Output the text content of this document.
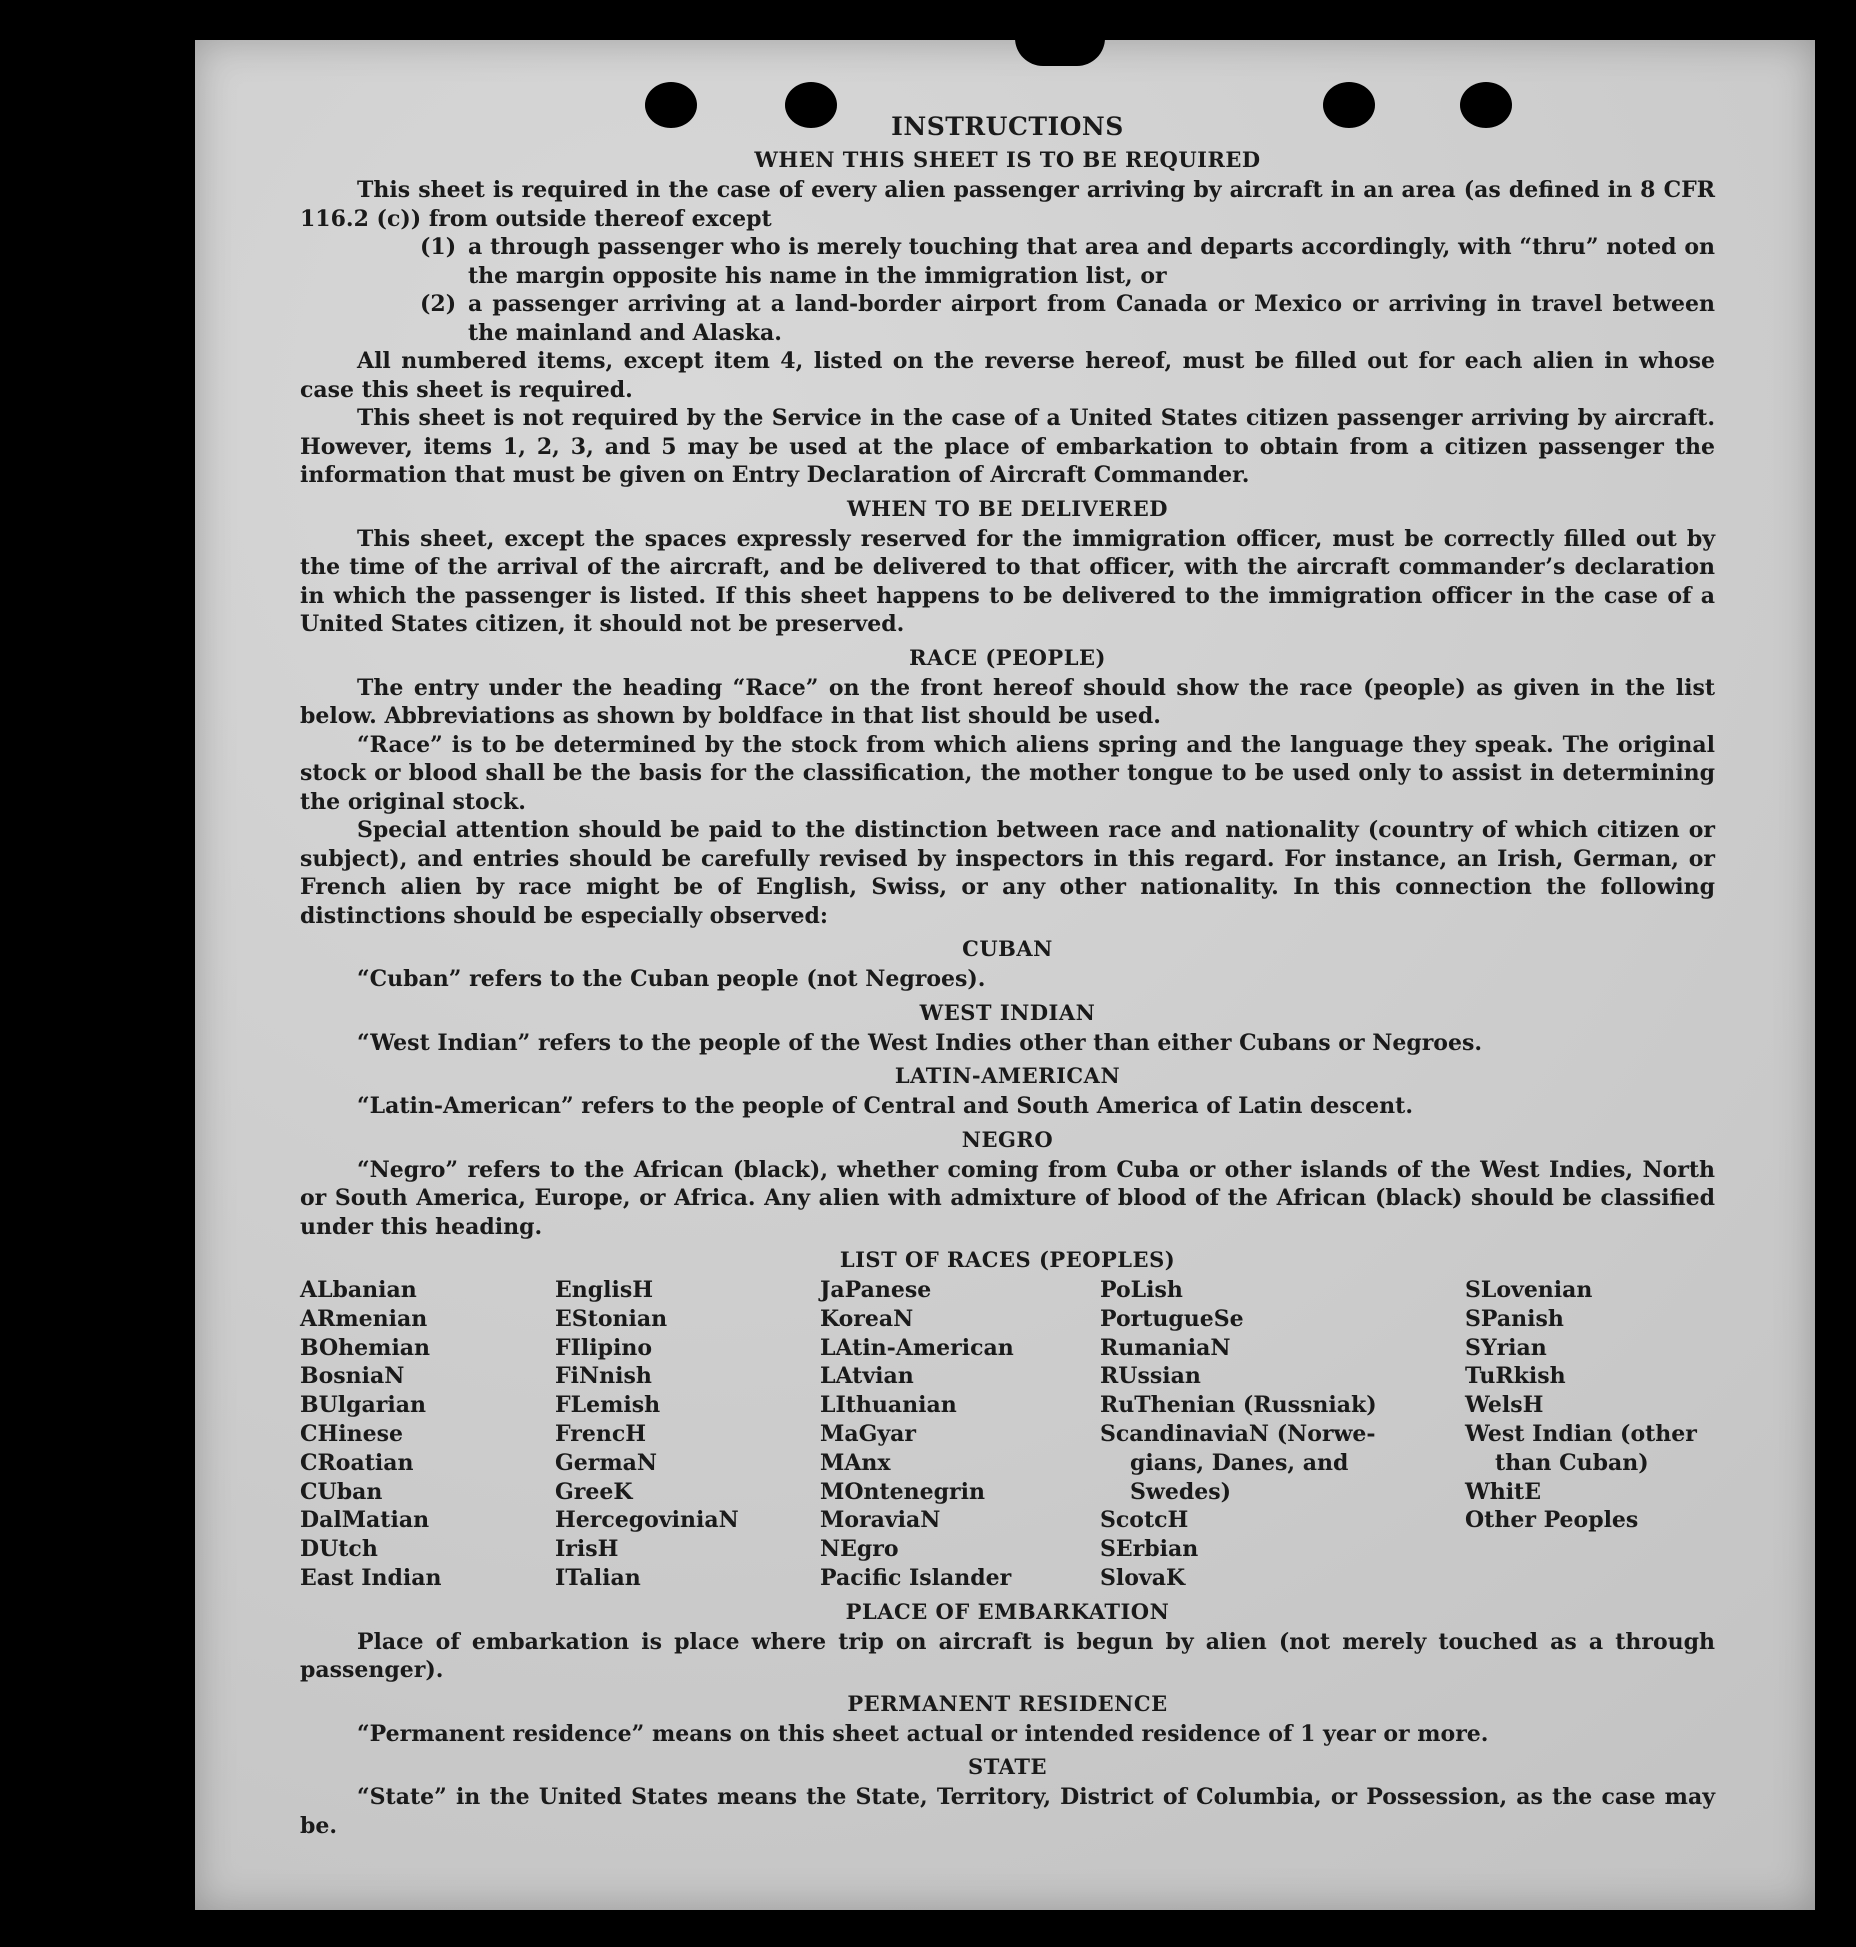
INSTRUCTIONS
WHEN THIS SHEET IS TO BE REQUIRED

This sheet is required in the case of every alien passenger arriving by aircraft in an area (as defined in 8 CFR 116.2 (c)) from outside thereof except

(1) a through passenger who is merely touching that area and departs accordingly, with “thru” noted on the margin opposite his name in the immigration list, or
(2) a passenger arriving at a land-border airport from Canada or Mexico or arriving in travel between the mainland and Alaska.

All numbered items, except item 4, listed on the reverse hereof, must be filled out for each alien in whose case this sheet is required.

This sheet is not required by the Service in the case of a United States citizen passenger arriving by aircraft. However, items 1, 2, 3, and 5 may be used at the place of embarkation to obtain from a citizen passenger the information that must be given on Entry Declaration of Aircraft Commander.

WHEN TO BE DELIVERED

This sheet, except the spaces expressly reserved for the immigration officer, must be correctly filled out by the time of the arrival of the aircraft, and be delivered to that officer, with the aircraft commander’s declaration in which the passenger is listed. If this sheet happens to be delivered to the immigration officer in the case of a United States citizen, it should not be preserved.

RACE (PEOPLE)

The entry under the heading “Race” on the front hereof should show the race (people) as given in the list below. Abbreviations as shown by boldface in that list should be used.

“Race” is to be determined by the stock from which aliens spring and the language they speak. The original stock or blood shall be the basis for the classification, the mother tongue to be used only to assist in determining the original stock.

Special attention should be paid to the distinction between race and nationality (country of which citizen or subject), and entries should be carefully revised by inspectors in this regard. For instance, an Irish, German, or French alien by race might be of English, Swiss, or any other nationality. In this connection the following distinctions should be especially observed:

CUBAN

“Cuban” refers to the Cuban people (not Negroes).

WEST INDIAN

“West Indian” refers to the people of the West Indies other than either Cubans or Negroes.

LATIN-AMERICAN

“Latin-American” refers to the people of Central and South America of Latin descent.

NEGRO

“Negro” refers to the African (black), whether coming from Cuba or other islands of the West Indies, North or South America, Europe, or Africa. Any alien with admixture of blood of the African (black) should be classified under this heading.

LIST OF RACES (PEOPLES)
ALbanian
ARmenian
BOhemian
BosniaN
BUlgarian
CHinese
CRoatian
CUban
DalMatian
DUtch
East Indian
EnglisH
EStonian
FIlipino
FiNnish
FLemish
FrencH
GermaN
GreeK
HercegoviniaN
IrisH
ITalian
JaPanese
KoreaN
LAtin-American
LAtvian
LIthuanian
MaGyar
MAnx
MOntenegrin
MoraviaN
NEgro
Pacific Islander
PoLish
PortugueSe
RumaniaN
RUssian
RuThenian (Russniak)
ScandinaviaN (Norwe-
gians, Danes, and
Swedes)
ScotcH
SErbian
SlovaK
SLovenian
SPanish
SYrian
TuRkish
WelsH
West Indian (other
than Cuban)
WhitE
Other Peoples
PLACE OF EMBARKATION

Place of embarkation is place where trip on aircraft is begun by alien (not merely touched as a through passenger).

PERMANENT RESIDENCE

“Permanent residence” means on this sheet actual or intended residence of 1 year or more.

STATE

“State” in the United States means the State, Territory, District of Columbia, or Possession, as the case may be.
